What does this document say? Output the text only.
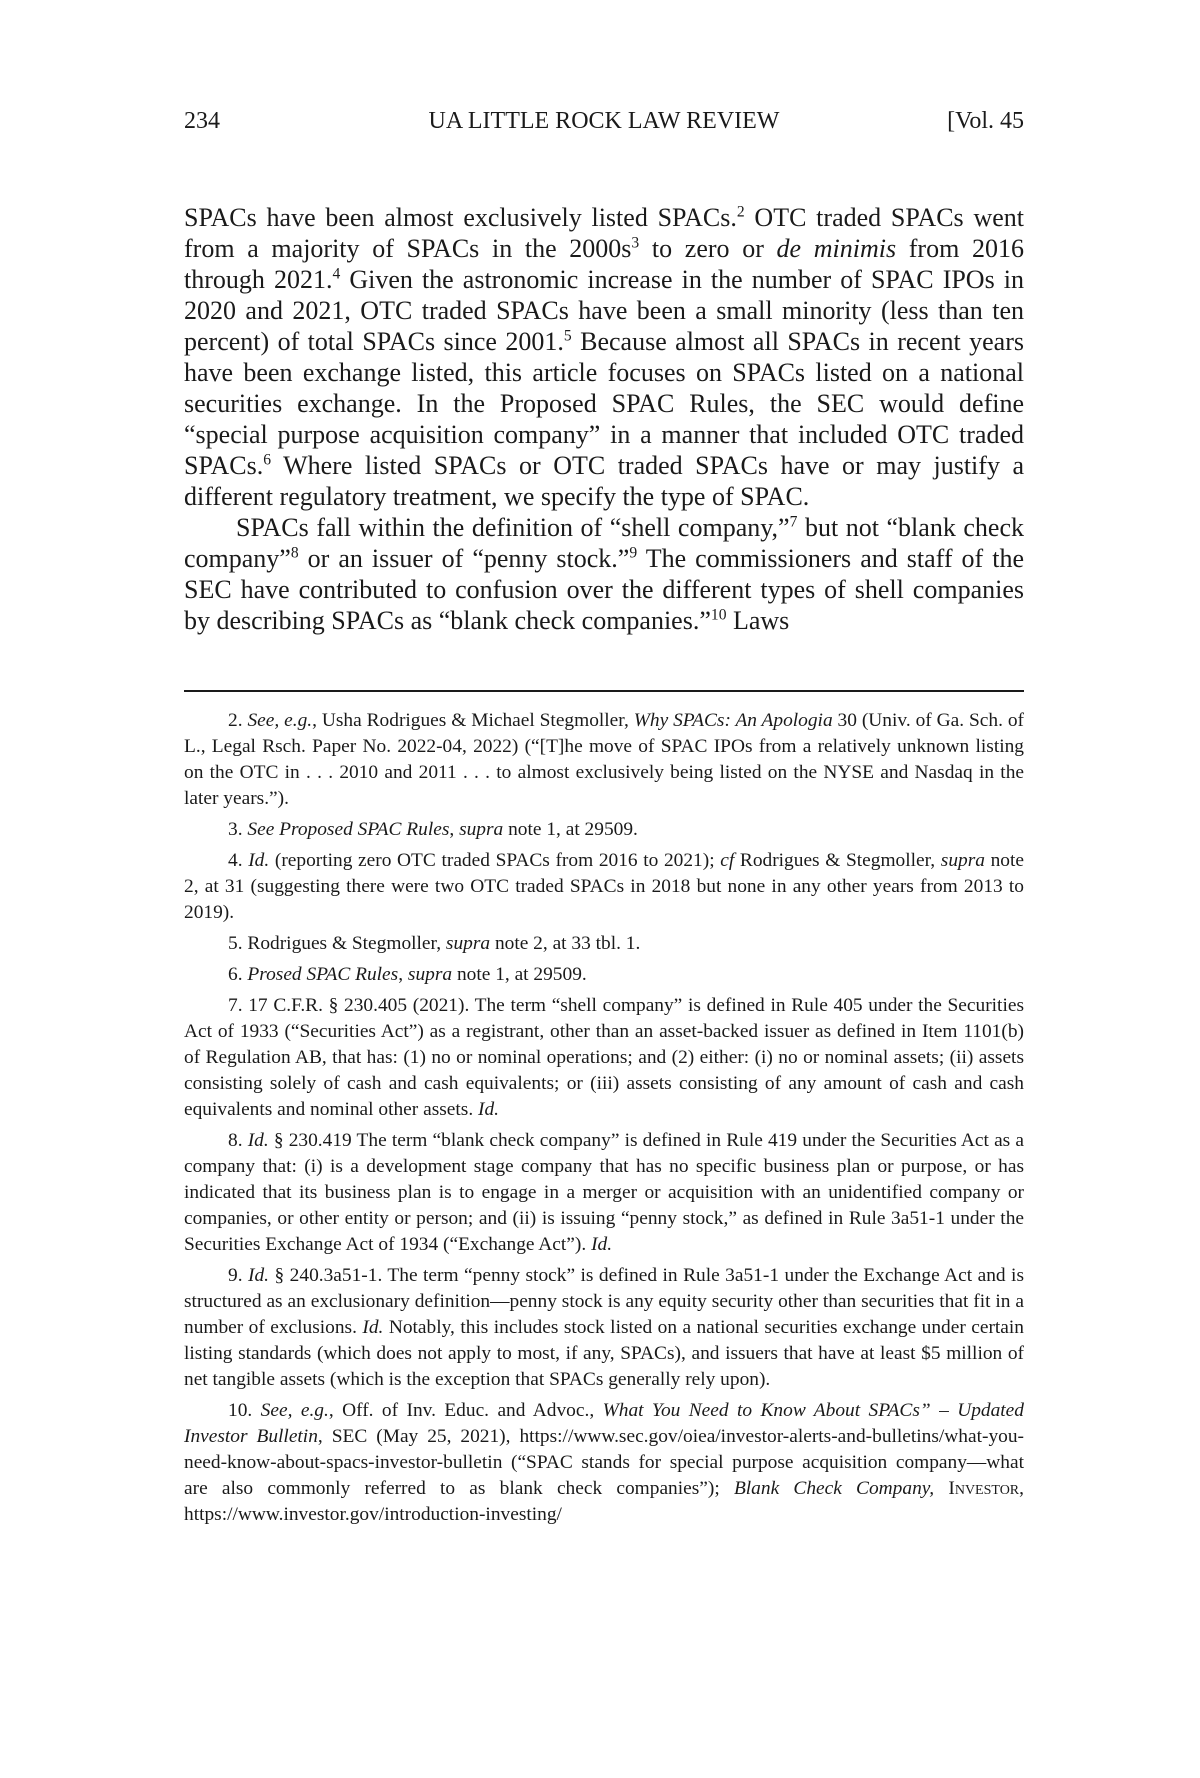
234	UA LITTLE ROCK LAW REVIEW	[Vol. 45

SPACs have been almost exclusively listed SPACs.$^2$ OTC traded SPACs went from a majority of SPACs in the $2000s^3$ to zero or de minimis from 2016 through 2021.$^4$ Given the astronomic increase in the number of SPAC IPOs in 2020 and 2021, OTC traded SPACs have been a small minority (less than ten percent) of total SPACs since 2001.$^5$ Because almost all SPACs in recent years have been exchange listed, this article focuses on SPACs listed on a national securities exchange. In the Proposed SPAC Rules, the SEC would define “special purpose acquisition company” in a manner that included OTC traded SPACs.$^6$ Where listed SPACs or OTC traded SPACs have or may justify a different regulatory treatment, we specify the type of SPAC.

SPACs fall within the definition of “shell company,”$^7$ but not “blank check company”$^8$ or an issuer of “penny stock.”$^9$ The commissioners and staff of the SEC have contributed to confusion over the different types of shell companies by describing SPACs as “blank check companies.”$^{10}$ Laws

2. See, e.g., Usha Rodrigues & Michael Stegmoller, Why SPACs: An Apologia 30 (Univ. of Ga. Sch. of L., Legal Rsch. Paper No. 2022-04, 2022) (“[T]he move of SPAC IPOs from a relatively unknown listing on the OTC in . . . 2010 and 2011 . . . to almost exclusively being listed on the NYSE and Nasdaq in the later years.”).

3. See Proposed SPAC Rules, supra note 1, at 29509.

4. Id. (reporting zero OTC traded SPACs from 2016 to 2021); cf Rodrigues & Stegmoller, supra note 2, at 31 (suggesting there were two OTC traded SPACs in 2018 but none in any other years from 2013 to 2019).

5. Rodrigues & Stegmoller, supra note 2, at 33 tbl. 1.

6. Prosed SPAC Rules, supra note 1, at 29509.

7. 17 C.F.R. § 230.405 (2021). The term “shell company” is defined in Rule 405 under the Securities Act of 1933 (“Securities Act”) as a registrant, other than an asset-backed issuer as defined in Item 1101(b) of Regulation AB, that has: (1) no or nominal operations; and (2) either: (i) no or nominal assets; (ii) assets consisting solely of cash and cash equivalents; or (iii) assets consisting of any amount of cash and cash equivalents and nominal other assets. Id.

8. Id. § 230.419 The term “blank check company” is defined in Rule 419 under the Securities Act as a company that: (i) is a development stage company that has no specific business plan or purpose, or has indicated that its business plan is to engage in a merger or acquisition with an unidentified company or companies, or other entity or person; and (ii) is issuing “penny stock,” as defined in Rule 3a51-1 under the Securities Exchange Act of 1934 (“Exchange Act”). Id.

9. Id. § 240.3a51-1. The term “penny stock” is defined in Rule 3a51-1 under the Exchange Act and is structured as an exclusionary definition—penny stock is any equity security other than securities that fit in a number of exclusions. Id. Notably, this includes stock listed on a national securities exchange under certain listing standards (which does not apply to most, if any, SPACs), and issuers that have at least $5 million of net tangible assets (which is the exception that SPACs generally rely upon).

10. See, e.g., Off. of Inv. Educ. and Advoc., What You Need to Know About SPACs” – Updated Investor Bulletin, SEC (May 25, 2021), https://www.sec.gov/oiea/investor-alerts-and-bulletins/what-you-need-know-about-spacs-investor-bulletin (“SPAC stands for special purpose acquisition company—what are also commonly referred to as blank check companies”); Blank Check Company, Investor, https://www.investor.gov/introduction-investing/
